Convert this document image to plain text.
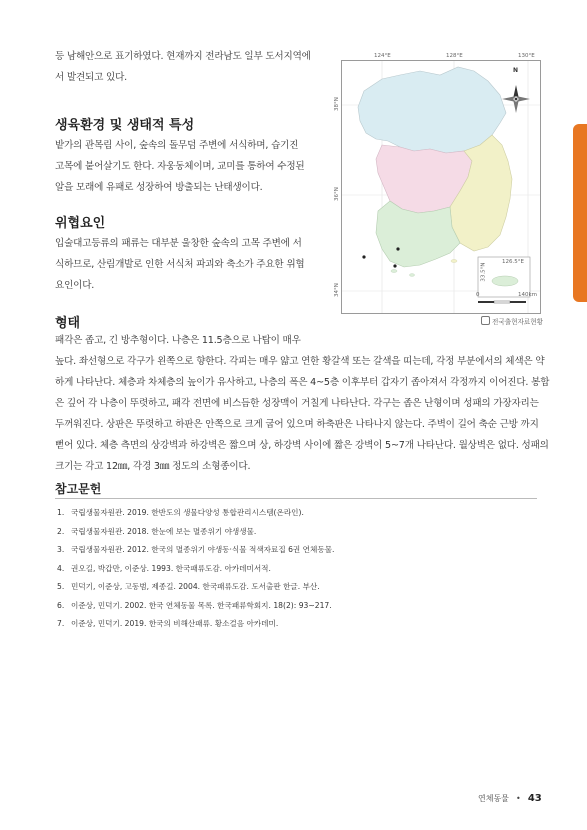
등 남해안으로 표기하였다. 현재까지 전라남도 일부 도서지역에
서 발견되고 있다.
생육환경 및 생태적 특성
밭가의 관목림 사이, 숲속의 돌무덤 주변에 서식하며, 습기진
고목에 붙어살기도 한다. 자웅동체이며, 교미를 통하여 수정된
알을 모래에 유패로 성장하여 방출되는 난태생이다.
위협요인
입술대고등류의 패류는 대부분 울창한 숲속의 고목 주변에 서
식하므로, 산림개발로 인한 서식처 파괴와 축소가 주요한 위협
요인이다.
형태
패각은 좁고, 긴 방추형이다. 나층은 11.5층으로 나탑이 매우
높다. 좌선형으로 각구가 왼쪽으로 향한다. 각피는 매우 얇고 연한 황갈색 또는 갈색을 띠는데, 각정 부분에서의 체색은 약
하게 나타난다. 체층과 차체층의 높이가 유사하고, 나층의 폭은 4~5층 이후부터 갑자기 좁아져서 각정까지 이어진다. 봉합
은 깊어 각 나층이 뚜렷하고, 패각 전면에 비스듬한 성장맥이 거칠게 나타난다. 각구는 좁은 난형이며 성패의 가장자리는
두꺼워진다. 상판은 뚜렷하고 하판은 안쪽으로 크게 굽어 있으며 하축판은 나타나지 않는다. 주벽이 길어 축순 근방 까지
뻗어 있다. 체층 측면의 상강벽과 하강벽은 짧으며 상, 하강벽 사이에 짧은 강벽이 5~7개 나타난다. 월상벽은 없다. 성패의
크기는 각고 12㎜, 각경 3㎜ 정도의 소형종이다.
124°E	128°E	130°E
38°N
36°N
33.5°N
34°N
126.5°E
N
0	140km
전국출현자료현황
참고문헌
1. 국립생물자원관. 2019. 한반도의 생물다양성 통합관리시스템(온라인).
2. 국립생물자원관. 2018. 한눈에 보는 멸종위기 야생생물.
3. 국립생물자원관. 2012. 한국의 멸종위기 야생동·식물 적색자료집 6권 연체동물.
4. 권오길, 박갑만, 이준상. 1993. 한국패류도감. 아카데미서적.
5. 민덕기, 이준상, 고동범, 제종길. 2004. 한국패류도감. 도서출판 한글. 부산.
6. 이준상, 민덕기. 2002. 한국 연체동물 목록. 한국패류학회지. 18(2): 93~217.
7. 이준상, 민덕기. 2019. 한국의 비해산패류. 황소걸음 아카데미.
연체동물 • 43
